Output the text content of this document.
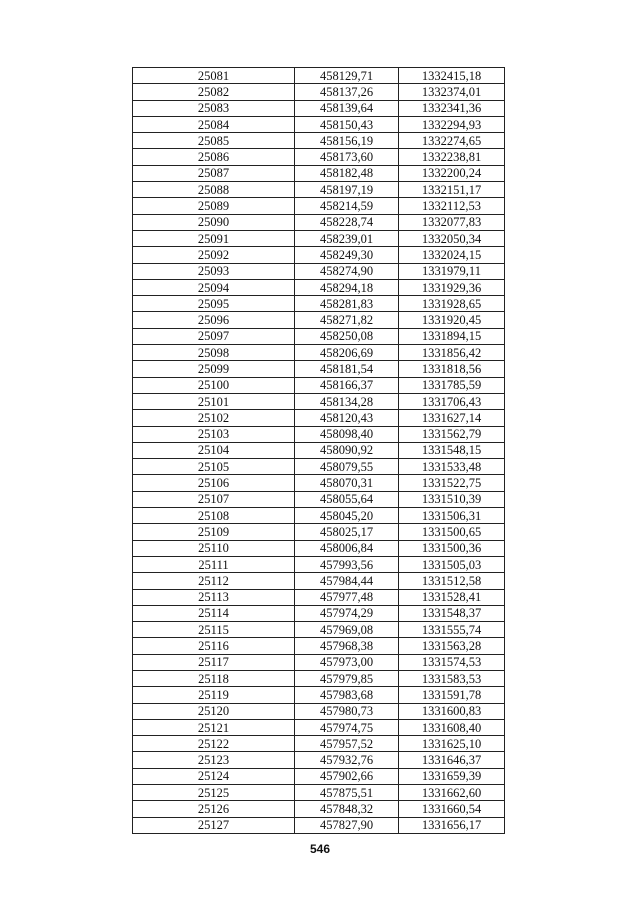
25081	458129,71	1332415,18
25082	458137,26	1332374,01
25083	458139,64	1332341,36
25084	458150,43	1332294,93
25085	458156,19	1332274,65
25086	458173,60	1332238,81
25087	458182,48	1332200,24
25088	458197,19	1332151,17
25089	458214,59	1332112,53
25090	458228,74	1332077,83
25091	458239,01	1332050,34
25092	458249,30	1332024,15
25093	458274,90	1331979,11
25094	458294,18	1331929,36
25095	458281,83	1331928,65
25096	458271,82	1331920,45
25097	458250,08	1331894,15
25098	458206,69	1331856,42
25099	458181,54	1331818,56
25100	458166,37	1331785,59
25101	458134,28	1331706,43
25102	458120,43	1331627,14
25103	458098,40	1331562,79
25104	458090,92	1331548,15
25105	458079,55	1331533,48
25106	458070,31	1331522,75
25107	458055,64	1331510,39
25108	458045,20	1331506,31
25109	458025,17	1331500,65
25110	458006,84	1331500,36
25111	457993,56	1331505,03
25112	457984,44	1331512,58
25113	457977,48	1331528,41
25114	457974,29	1331548,37
25115	457969,08	1331555,74
25116	457968,38	1331563,28
25117	457973,00	1331574,53
25118	457979,85	1331583,53
25119	457983,68	1331591,78
25120	457980,73	1331600,83
25121	457974,75	1331608,40
25122	457957,52	1331625,10
25123	457932,76	1331646,37
25124	457902,66	1331659,39
25125	457875,51	1331662,60
25126	457848,32	1331660,54
25127	457827,90	1331656,17
546
